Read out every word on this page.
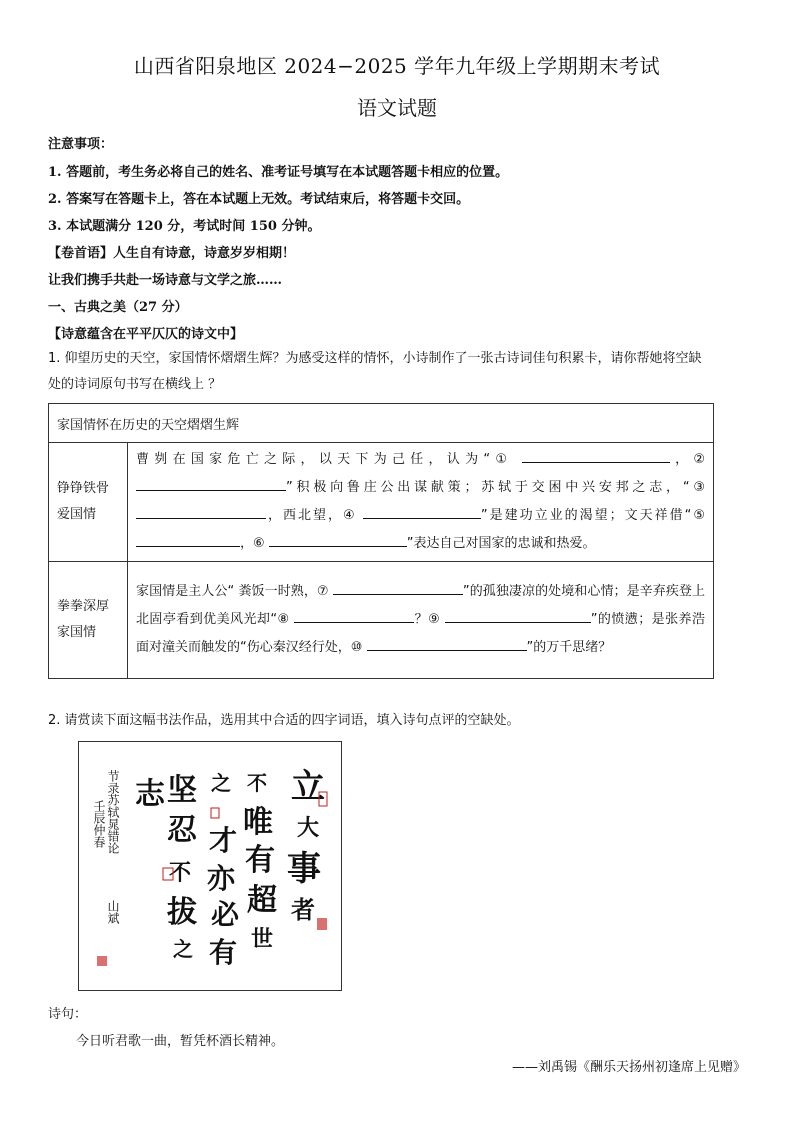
山西省阳泉地区 2024−2025 学年九年级上学期期末考试
语文试题
注意事项：
1. 答题前，考生务必将自己的姓名、准考证号填写在本试题答题卡相应的位置。
2. 答案写在答题卡上，答在本试题上无效。考试结束后，将答题卡交回。
3. 本试题满分 120 分，考试时间 150 分钟。
【卷首语】人生自有诗意，诗意岁岁相期！
让我们携手共赴一场诗意与文学之旅……
一、古典之美（27 分）
【诗意蕴含在平平仄仄的诗文中】
1. 仰望历史的天空，家国情怀熠熠生辉？为感受这样的情怀，小诗制作了一张古诗词佳句积累卡，请你帮她将空缺
处的诗词原句书写在横线上 ？
家国情怀在历史的天空熠熠生辉	
铮铮铁骨爱国情	曹刿在国家危亡之际，以天下为己任，认为“① ，② ”积极向鲁庄公出谋献策；苏轼于交困中兴安邦之志，“③ ，西北望，④ ”是建功立业的渴望；文天祥借“⑤ ，⑥ ”表达自己对国家的忠诚和热爱。
拳拳深厚家国情	家国情是主人公“ 粪饭一时熟，⑦ ”的孤独凄凉的处境和心情；是辛弃疾登上北固亭看到优美风光却“⑧ ？⑨ ”的愤懑；是张养浩面对潼关而触发的“伤心秦汉经行处，⑩ ”的万千思绪？
2. 请赏读下面这幅书法作品，选用其中合适的四字词语，填入诗句点评的空缺处。
立
大
事
者
不
唯
有
超
世
之
才
亦
必
有
坚
忍
不
拔
之
志
节录苏轼晁错论
壬辰仲春
山斌
诗句：
今日听君歌一曲，暂凭杯酒长精神。
——刘禹锡《酬乐天扬州初逢席上见赠》
